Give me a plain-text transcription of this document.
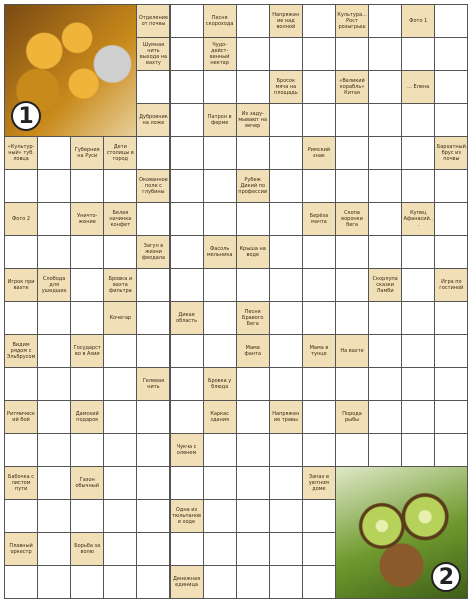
Отделение от почвы
Песня скорохода
Напряжение над волной
Культура... Рост розыгрыш
Фото 1
Шумная нить выхода на вахту
Чудо-дейст-венный нектар
Бросок мяча на площадь
«Великий корабль» Китая
... Елена
Дубровник на ложе
Патрон в ферме
Их заду-мывают на вечер
«Культур-ный» туб. ловца
Губерния на Руси
Дети столицы в город
Римский знак
Бархатный брус из почвы
Окованное поле с глубины
Рубеж Дикий по профессии
Фото 2	Уничто-жение
Белая начинка конфет
Берёза мачта
Скопа воронки бега
Купец Афанасий...
Загул в жизни феодала
Фасоль мельника
Крыша на воде
Игрок при вахте
Слобода для ушедших
Бровка и вахта фильтра
Скорлупа сказки Ламби
Игра по гостиной
Кочегар	Дикая область
Песня Бравого Бега
Видим рядом с Эльбрусом
Государство в Азии
Мама фанта
Мама в тунце	На вахте
Гелевая нить
Бровка у блюда
Ритмический бой
Дамский подарок
Каркас здания
Напряжение травы
Порода рыбы
Чукча с оленем
Бабочка с листом пути
Газон обычный
Запах в уютном доме
Одна из тюльпанов в ходе
Плавный оркестр
Борьба за волю
Денежная единица
1
2
